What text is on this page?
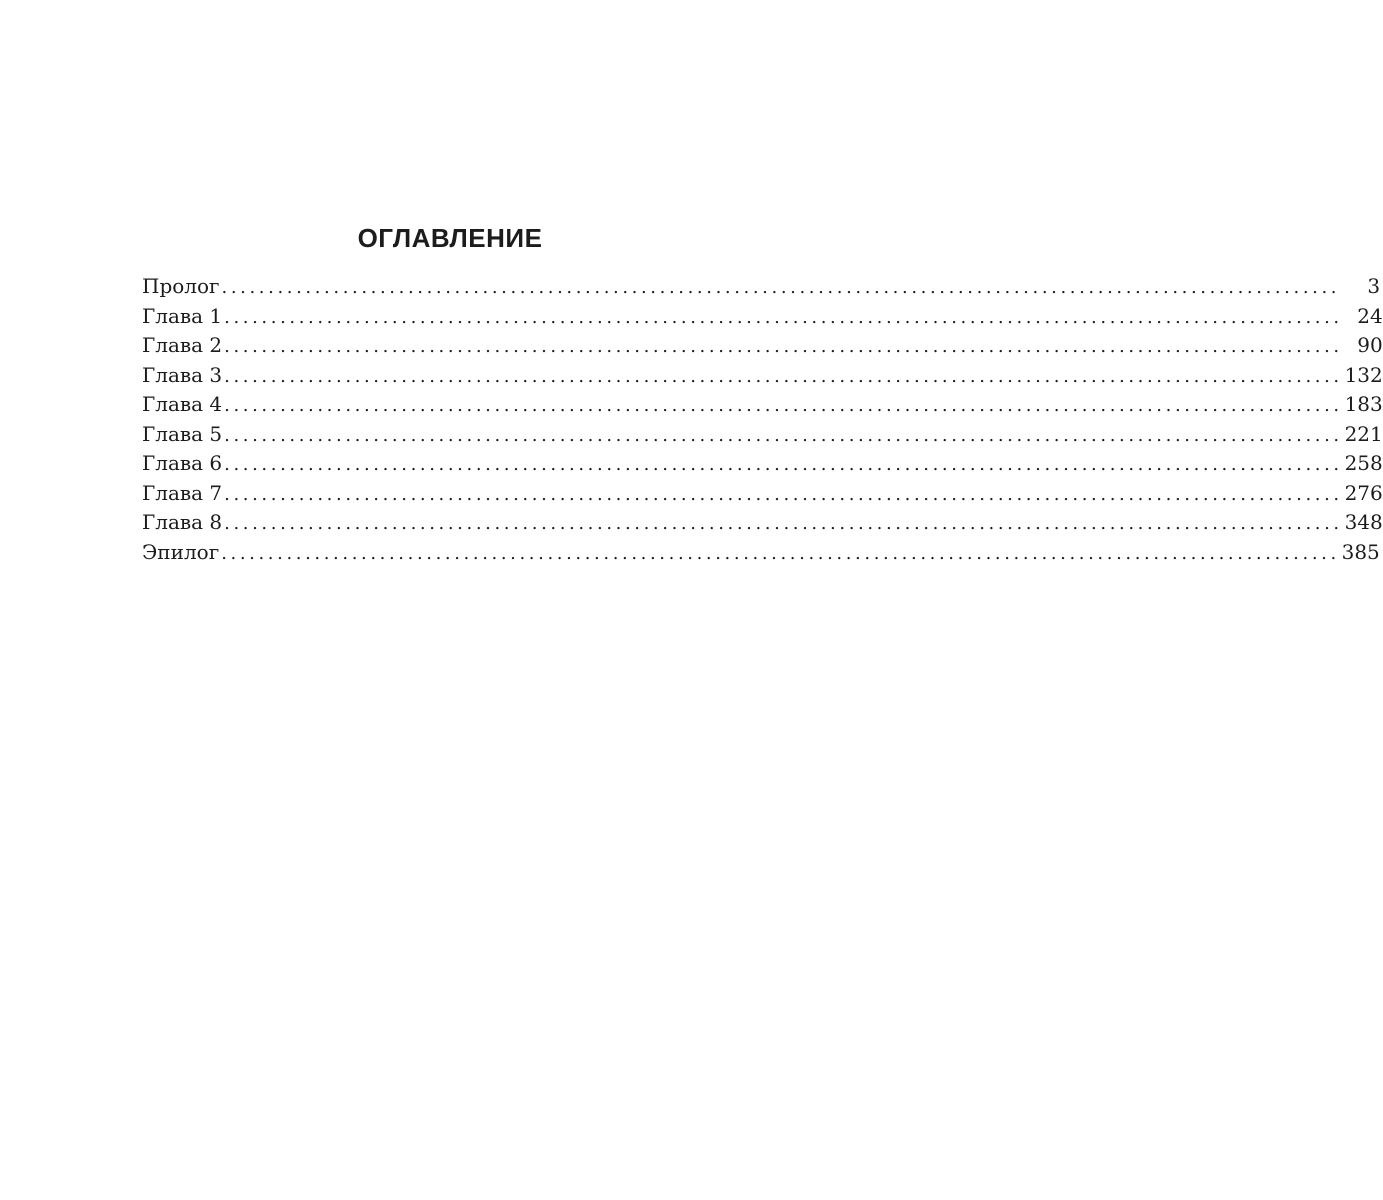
ОГЛАВЛЕНИЕ
Пролог ........................................................................................................................	3
Глава 1 ........................................................................................................................ 24
Глава 2 ........................................................................................................................ 90
Глава 3 ........................................................................................................................ 132
Глава 4 ........................................................................................................................ 183
Глава 5 ........................................................................................................................ 221
Глава 6 ........................................................................................................................ 258
Глава 7 ........................................................................................................................ 276
Глава 8 ........................................................................................................................ 348
Эпилог ........................................................................................................................ 385
